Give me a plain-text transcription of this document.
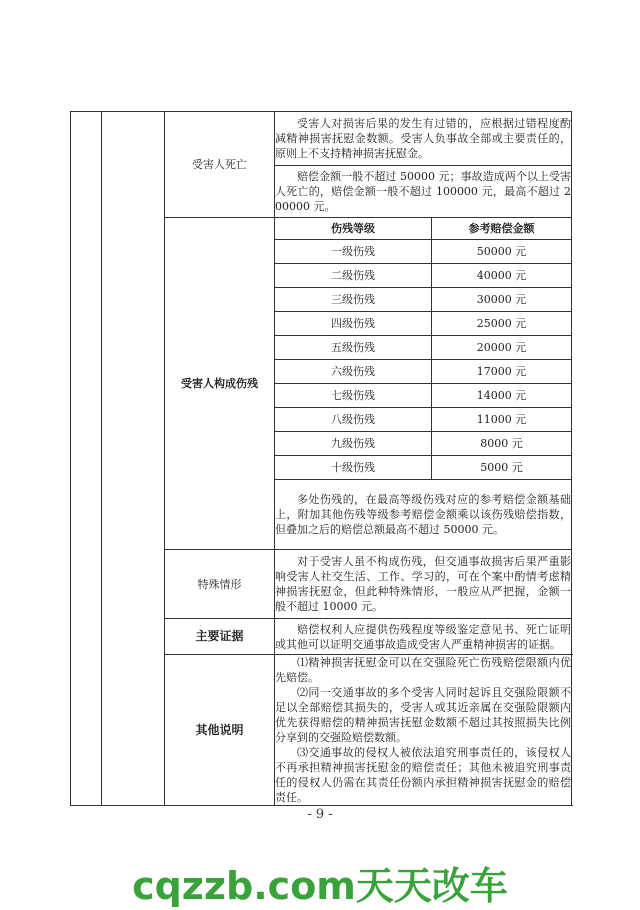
		受害人死亡	受害人对损害后果的发生有过错的，应根据过错程度酌减精神损害抚慰金数额。受害人负事故全部或主要责任的，原则上不支持精神损害抚慰金。	
			赔偿金额一般不超过 50000 元；事故造成两个以上受害人死亡的，赔偿金额一般不超过 100000 元，最高不超过 200000 元。	
		受害人构成伤残	伤残等级	参考赔偿金额
			一级伤残	50000 元
			二级伤残	40000 元
			三级伤残	30000 元
			四级伤残	25000 元
			五级伤残	20000 元
			六级伤残	17000 元
			七级伤残	14000 元
			八级伤残	11000 元
			九级伤残	8000 元
			十级伤残	5000 元
			多处伤残的，在最高等级伤残对应的参考赔偿金额基础上，附加其他伤残等级参考赔偿金额乘以该伤残赔偿指数，但叠加之后的赔偿总额最高不超过 50000 元。	
		特殊情形	对于受害人虽不构成伤残，但交通事故损害后果严重影响受害人社交生活、工作、学习的，可在个案中酌情考虑精神损害抚慰金，但此种特殊情形，一般应从严把握，金额一般不超过 10000 元。	
		主要证据	赔偿权利人应提供伤残程度等级鉴定意见书、死亡证明或其他可以证明交通事故造成受害人严重精神损害的证据。	
		其他说明	⑴精神损害抚慰金可以在交强险死亡伤残赔偿限额内优先赔偿。

⑵同一交通事故的多个受害人同时起诉且交强险限额不足以全部赔偿其损失的，受害人或其近亲属在交强险限额内优先获得赔偿的精神损害抚慰金数额不超过其按照损失比例分享到的交强险赔偿数额。

⑶交通事故的侵权人被依法追究刑事责任的，该侵权人不再承担精神损害抚慰金的赔偿责任；其他未被追究刑事责任的侵权人仍需在其责任份额内承担精神损害抚慰金的赔偿责任。	

- 9 -
cqzzb.com天天改车
